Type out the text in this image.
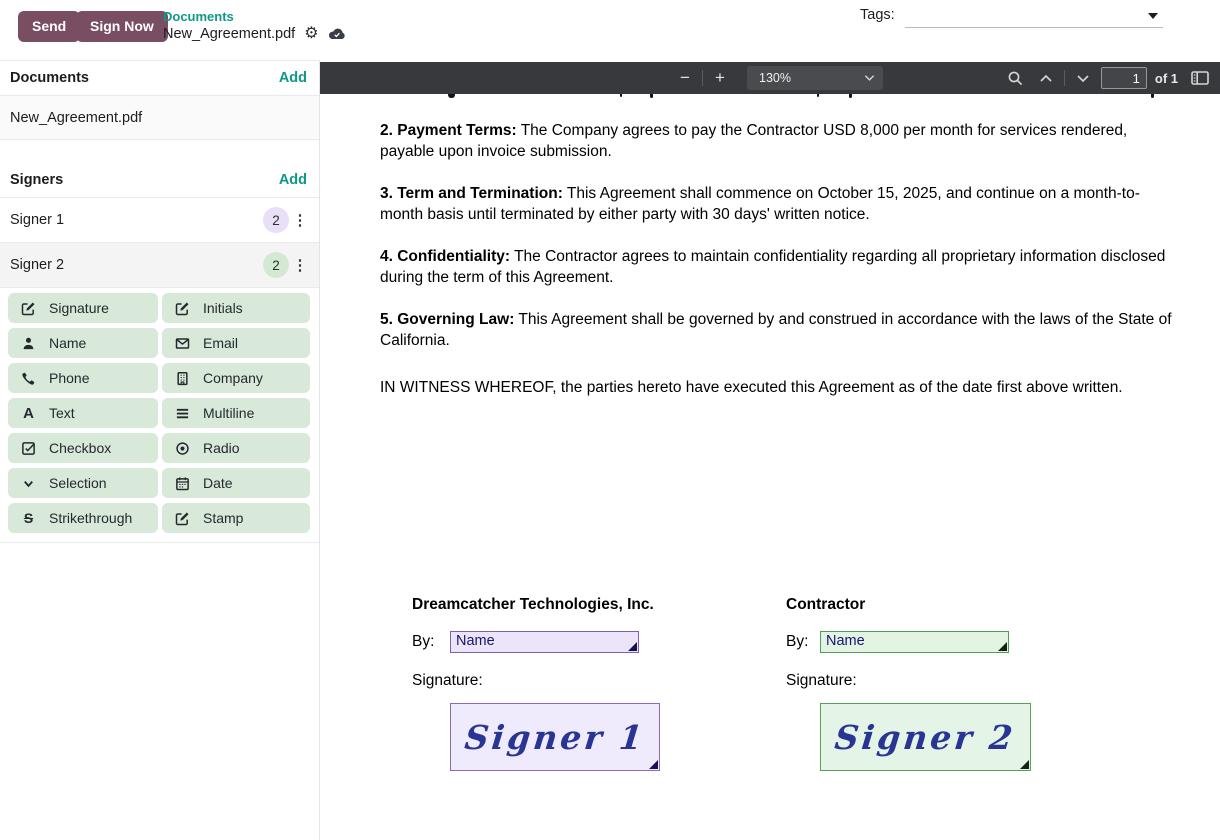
Send	Sign Now
Documents
New_Agreement.pdf ⚙
Tags:
Documents	Add
New_Agreement.pdf
Signers	Add
Signer 1	2 ⋮
Signer 2	2 ⋮
Signature	Initials
Name	Email
Phone	Company
A Text	Multiline
Checkbox	Radio
Selection	Date
S Strikethrough	Stamp
−	+	130%
1	of 1

2. Payment Terms: The Company agrees to pay the Contractor USD 8,000 per month for services rendered, payable upon invoice submission.

3. Term and Termination: This Agreement shall commence on October 15, 2025, and continue on a month-to-month basis until terminated by either party with 30 days' written notice.

4. Confidentiality: The Contractor agrees to maintain confidentiality regarding all proprietary information disclosed during the term of this Agreement.

5. Governing Law: This Agreement shall be governed by and construed in accordance with the laws of the State of California.

IN WITNESS WHEREOF, the parties hereto have executed this Agreement as of the date first above written.

Dreamcatcher Technologies, Inc.
By:	Name
Signature:
Signer 1
Contractor
By:	Name
Signature:
Signer 2
